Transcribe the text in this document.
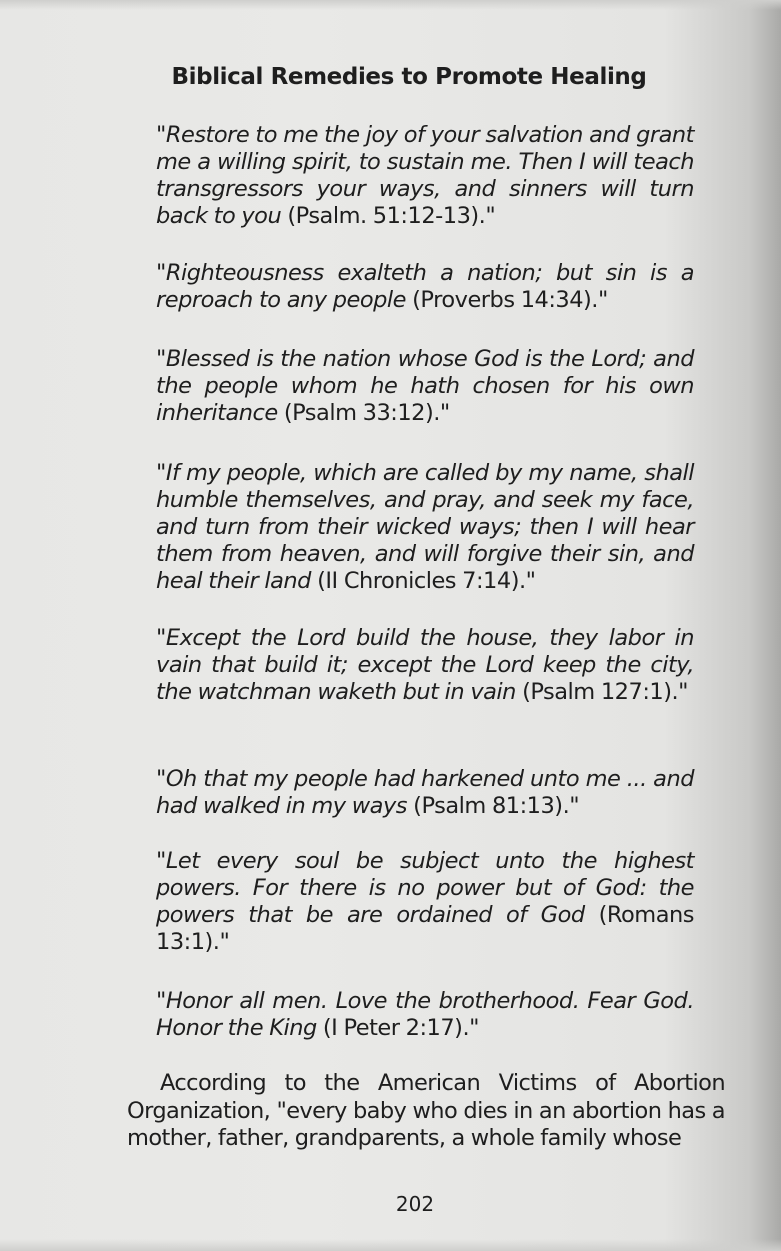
Biblical Remedies to Promote Healing

"Restore to me the joy of your salvation and grant me a willing spirit, to sustain me. Then I will teach transgressors your ways, and sinners will turn back to you (Psalm. 51:12-13)."

"Righteousness exalteth a nation; but sin is a reproach to any people (Proverbs 14:34)."

"Blessed is the nation whose God is the Lord; and the people whom he hath chosen for his own inheritance (Psalm 33:12)."

"If my people, which are called by my name, shall humble themselves, and pray, and seek my face, and turn from their wicked ways; then I will hear them from heaven, and will forgive their sin, and heal their land (II Chronicles 7:14)."

"Except the Lord build the house, they labor in vain that build it; except the Lord keep the city, the watchman waketh but in vain (Psalm 127:1)."

"Oh that my people had harkened unto me ... and had walked in my ways (Psalm 81:13)."

"Let every soul be subject unto the highest powers. For there is no power but of God: the powers that be are ordained of God (Romans 13:1)."

"Honor all men. Love the brotherhood. Fear God. Honor the King (I Peter 2:17)."

According to the American Victims of Abortion Organization, "every baby who dies in an abortion has a mother, father, grandparents, a whole family whose

202
